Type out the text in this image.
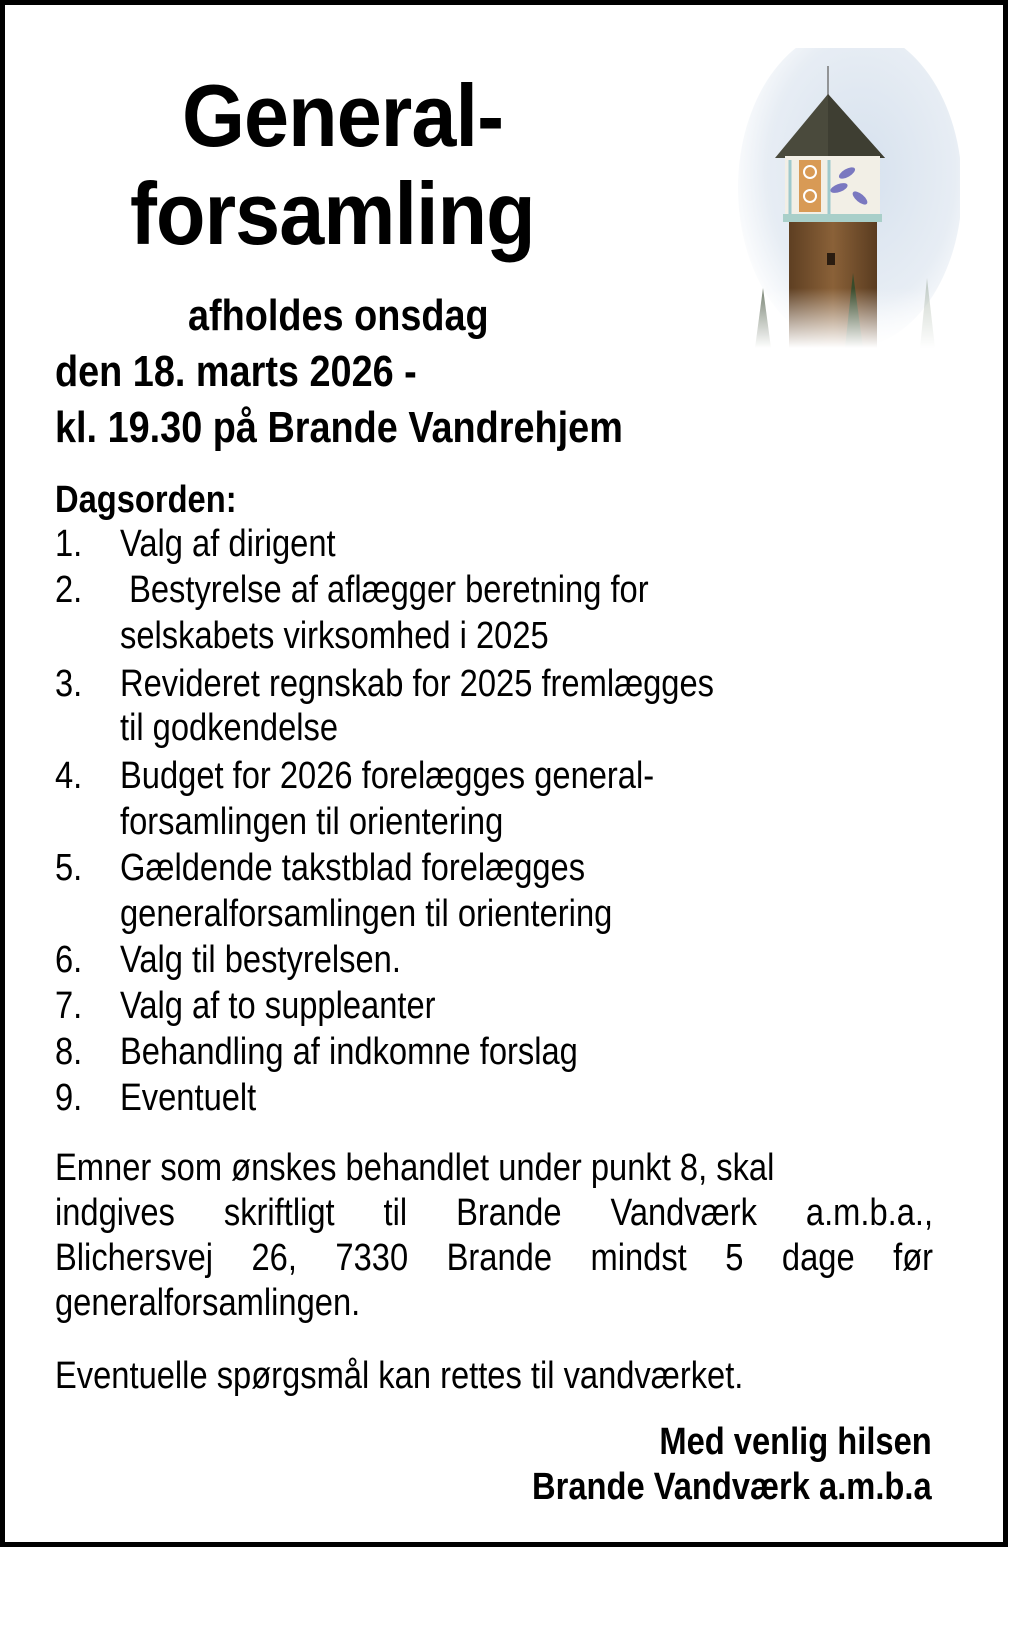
General-
forsamling
afholdes onsdag
den 18. marts 2026 -
kl. 19.30 på Brande Vandrehjem
Dagsorden:
1. Valg af dirigent
2. Bestyrelse af aflægger beretning for
selskabets virksomhed i 2025
3. Revideret regnskab for 2025 fremlægges
til godkendelse
4. Budget for 2026 forelægges general-
forsamlingen til orientering
5. Gældende takstblad forelægges
generalforsamlingen til orientering
6. Valg til bestyrelsen.
7. Valg af to suppleanter
8. Behandling af indkomne forslag
9. Eventuelt
Emner som ønskes behandlet under punkt 8, skal
indgives skriftligt til Brande Vandværk a.m.b.a.,
Blichersvej 26, 7330 Brande mindst 5 dage før
generalforsamlingen.
Eventuelle spørgsmål kan rettes til vandværket.
Med venlig hilsen
Brande Vandværk a.m.b.a
